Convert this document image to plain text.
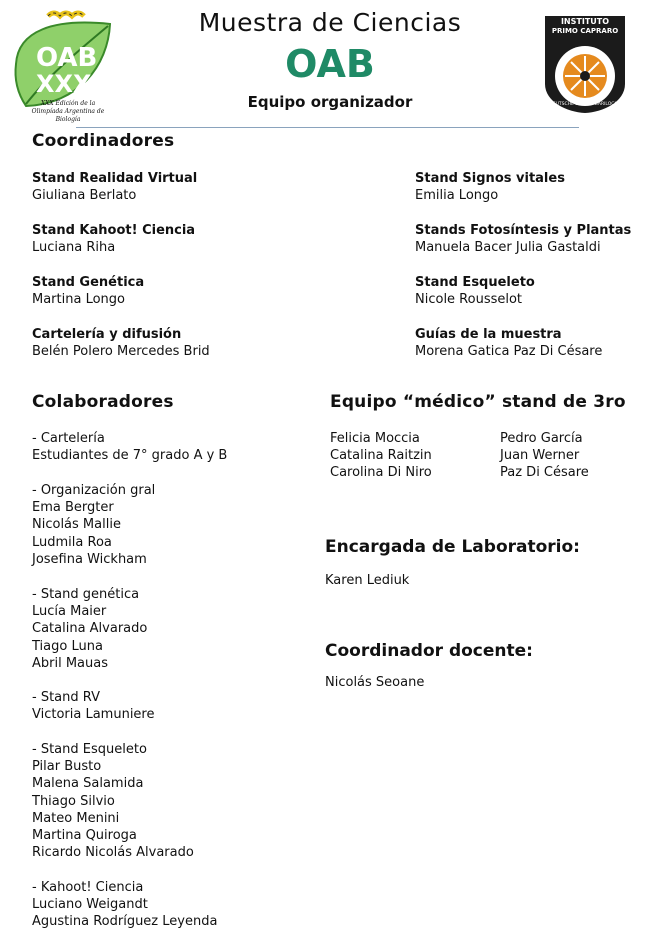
OAB
XXX
XXX Edición de la Olimpíada Argentina de Biología
INSTITUTO
PRIMO CAPRARO
DEUTSCHE SCHULE BARILOCHE
Muestra de Ciencias
OAB
Equipo organizador
Coordinadores
Stand Realidad Virtual
Giuliana Berlato
Stand Kahoot! Ciencia
Luciana Riha
Stand Genética
Martina Longo
Cartelería y difusión
Belén Polero Mercedes Brid
Stand Signos vitales
Emilia Longo
Stands Fotosíntesis y Plantas
Manuela Bacer Julia Gastaldi
Stand Esqueleto
Nicole Rousselot
Guías de la muestra
Morena Gatica Paz Di Césare
Colaboradores
- Cartelería
Estudiantes de 7° grado A y B
- Organización gral
Ema Bergter
Nicolás Mallie
Ludmila Roa
Josefina Wickham
- Stand genética
Lucía Maier
Catalina Alvarado
Tiago Luna
Abril Mauas
- Stand RV
Victoria Lamuniere
- Stand Esqueleto
Pilar Busto
Malena Salamida
Thiago Silvio
Mateo Menini
Martina Quiroga
Ricardo Nicolás Alvarado
- Kahoot! Ciencia
Luciano Weigandt
Agustina Rodríguez Leyenda
Equipo “médico” stand de 3ro
Felicia Moccia
Catalina Raitzin
Carolina Di Niro
Pedro García
Juan Werner
Paz Di Césare
Encargada de Laboratorio:
Karen Lediuk
Coordinador docente:
Nicolás Seoane
